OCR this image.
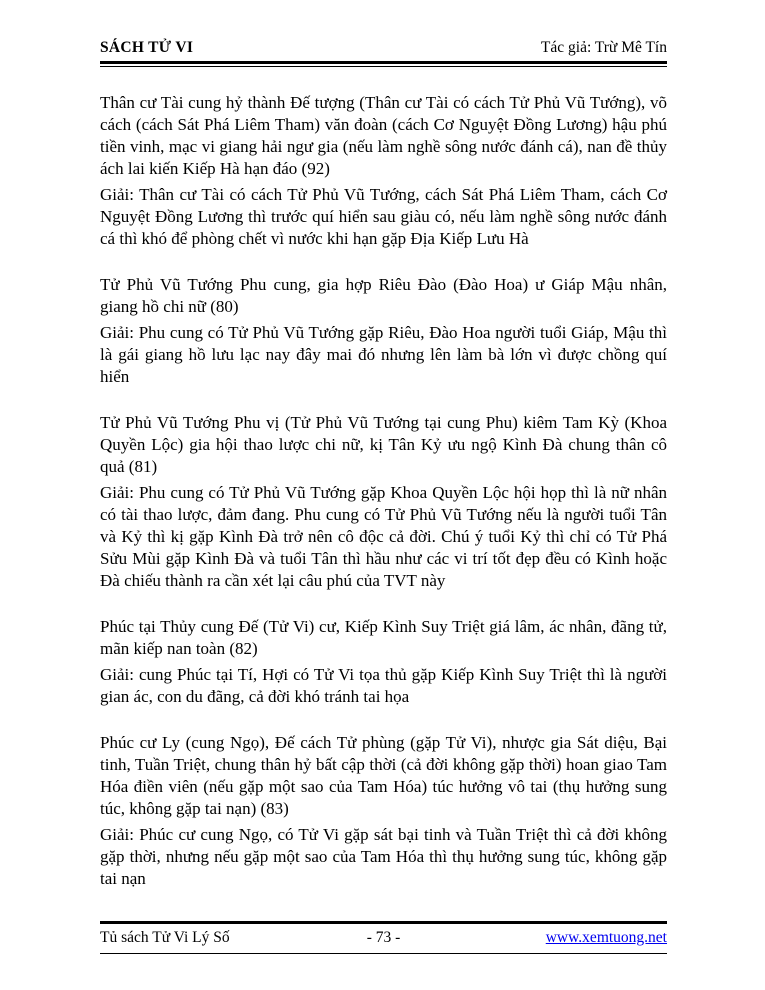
SÁCH TỬ VI	Tác giả: Trừ Mê Tín

Thân cư Tài cung hỷ thành Đế tượng (Thân cư Tài có cách Tử Phủ Vũ Tướng), võ cách (cách Sát Phá Liêm Tham) văn đoàn (cách Cơ Nguyệt Đồng Lương) hậu phú tiền vinh, mạc vi giang hải ngư gia (nếu làm nghề sông nước đánh cá), nan đề thủy ách lai kiến Kiếp Hà hạn đáo (92)

Giải: Thân cư Tài có cách Tử Phủ Vũ Tướng, cách Sát Phá Liêm Tham, cách Cơ Nguyệt Đồng Lương thì trước quí hiển sau giàu có, nếu làm nghề sông nước đánh cá thì khó để phòng chết vì nước khi hạn gặp Địa Kiếp Lưu Hà

Tử Phủ Vũ Tướng Phu cung, gia hợp Riêu Đào (Đào Hoa) ư Giáp Mậu nhân, giang hồ chi nữ (80)

Giải: Phu cung có Tử Phủ Vũ Tướng gặp Riêu, Đào Hoa người tuổi Giáp, Mậu thì là gái giang hồ lưu lạc nay đây mai đó nhưng lên làm bà lớn vì được chồng quí hiển

Tử Phủ Vũ Tướng Phu vị (Tử Phủ Vũ Tướng tại cung Phu) kiêm Tam Kỳ (Khoa Quyền Lộc) gia hội thao lược chi nữ, kị Tân Kỷ ưu ngộ Kình Đà chung thân cô quả (81)

Giải: Phu cung có Tử Phủ Vũ Tướng gặp Khoa Quyền Lộc hội họp thì là nữ nhân có tài thao lược, đảm đang. Phu cung có Tử Phủ Vũ Tướng nếu là người tuổi Tân và Kỷ thì kị gặp Kình Đà trở nên cô độc cả đời. Chú ý tuổi Kỷ thì chỉ có Tử Phá Sửu Mùi gặp Kình Đà và tuổi Tân thì hầu như các vi trí tốt đẹp đều có Kình hoặc Đà chiếu thành ra cần xét lại câu phú của TVT này

Phúc tại Thủy cung Đế (Tử Vi) cư, Kiếp Kình Suy Triệt giá lâm, ác nhân, đãng tử, mãn kiếp nan toàn (82)

Giải: cung Phúc tại Tí, Hợi có Tử Vi tọa thủ gặp Kiếp Kình Suy Triệt thì là người gian ác, con du đãng, cả đời khó tránh tai họa

Phúc cư Ly (cung Ngọ), Đế cách Tử phùng (gặp Tử Vi), nhược gia Sát diệu, Bại tinh, Tuần Triệt, chung thân hỷ bất cập thời (cả đời không gặp thời) hoan giao Tam Hóa điền viên (nếu gặp một sao của Tam Hóa) túc hưởng vô tai (thụ hưởng sung túc, không gặp tai nạn) (83)

Giải: Phúc cư cung Ngọ, có Tử Vi gặp sát bại tinh và Tuần Triệt thì cả đời không gặp thời, nhưng nếu gặp một sao của Tam Hóa thì thụ hưởng sung túc, không gặp tai nạn

Tủ sách Tử Vi Lý Số	- 73 -	www.xemtuong.net
